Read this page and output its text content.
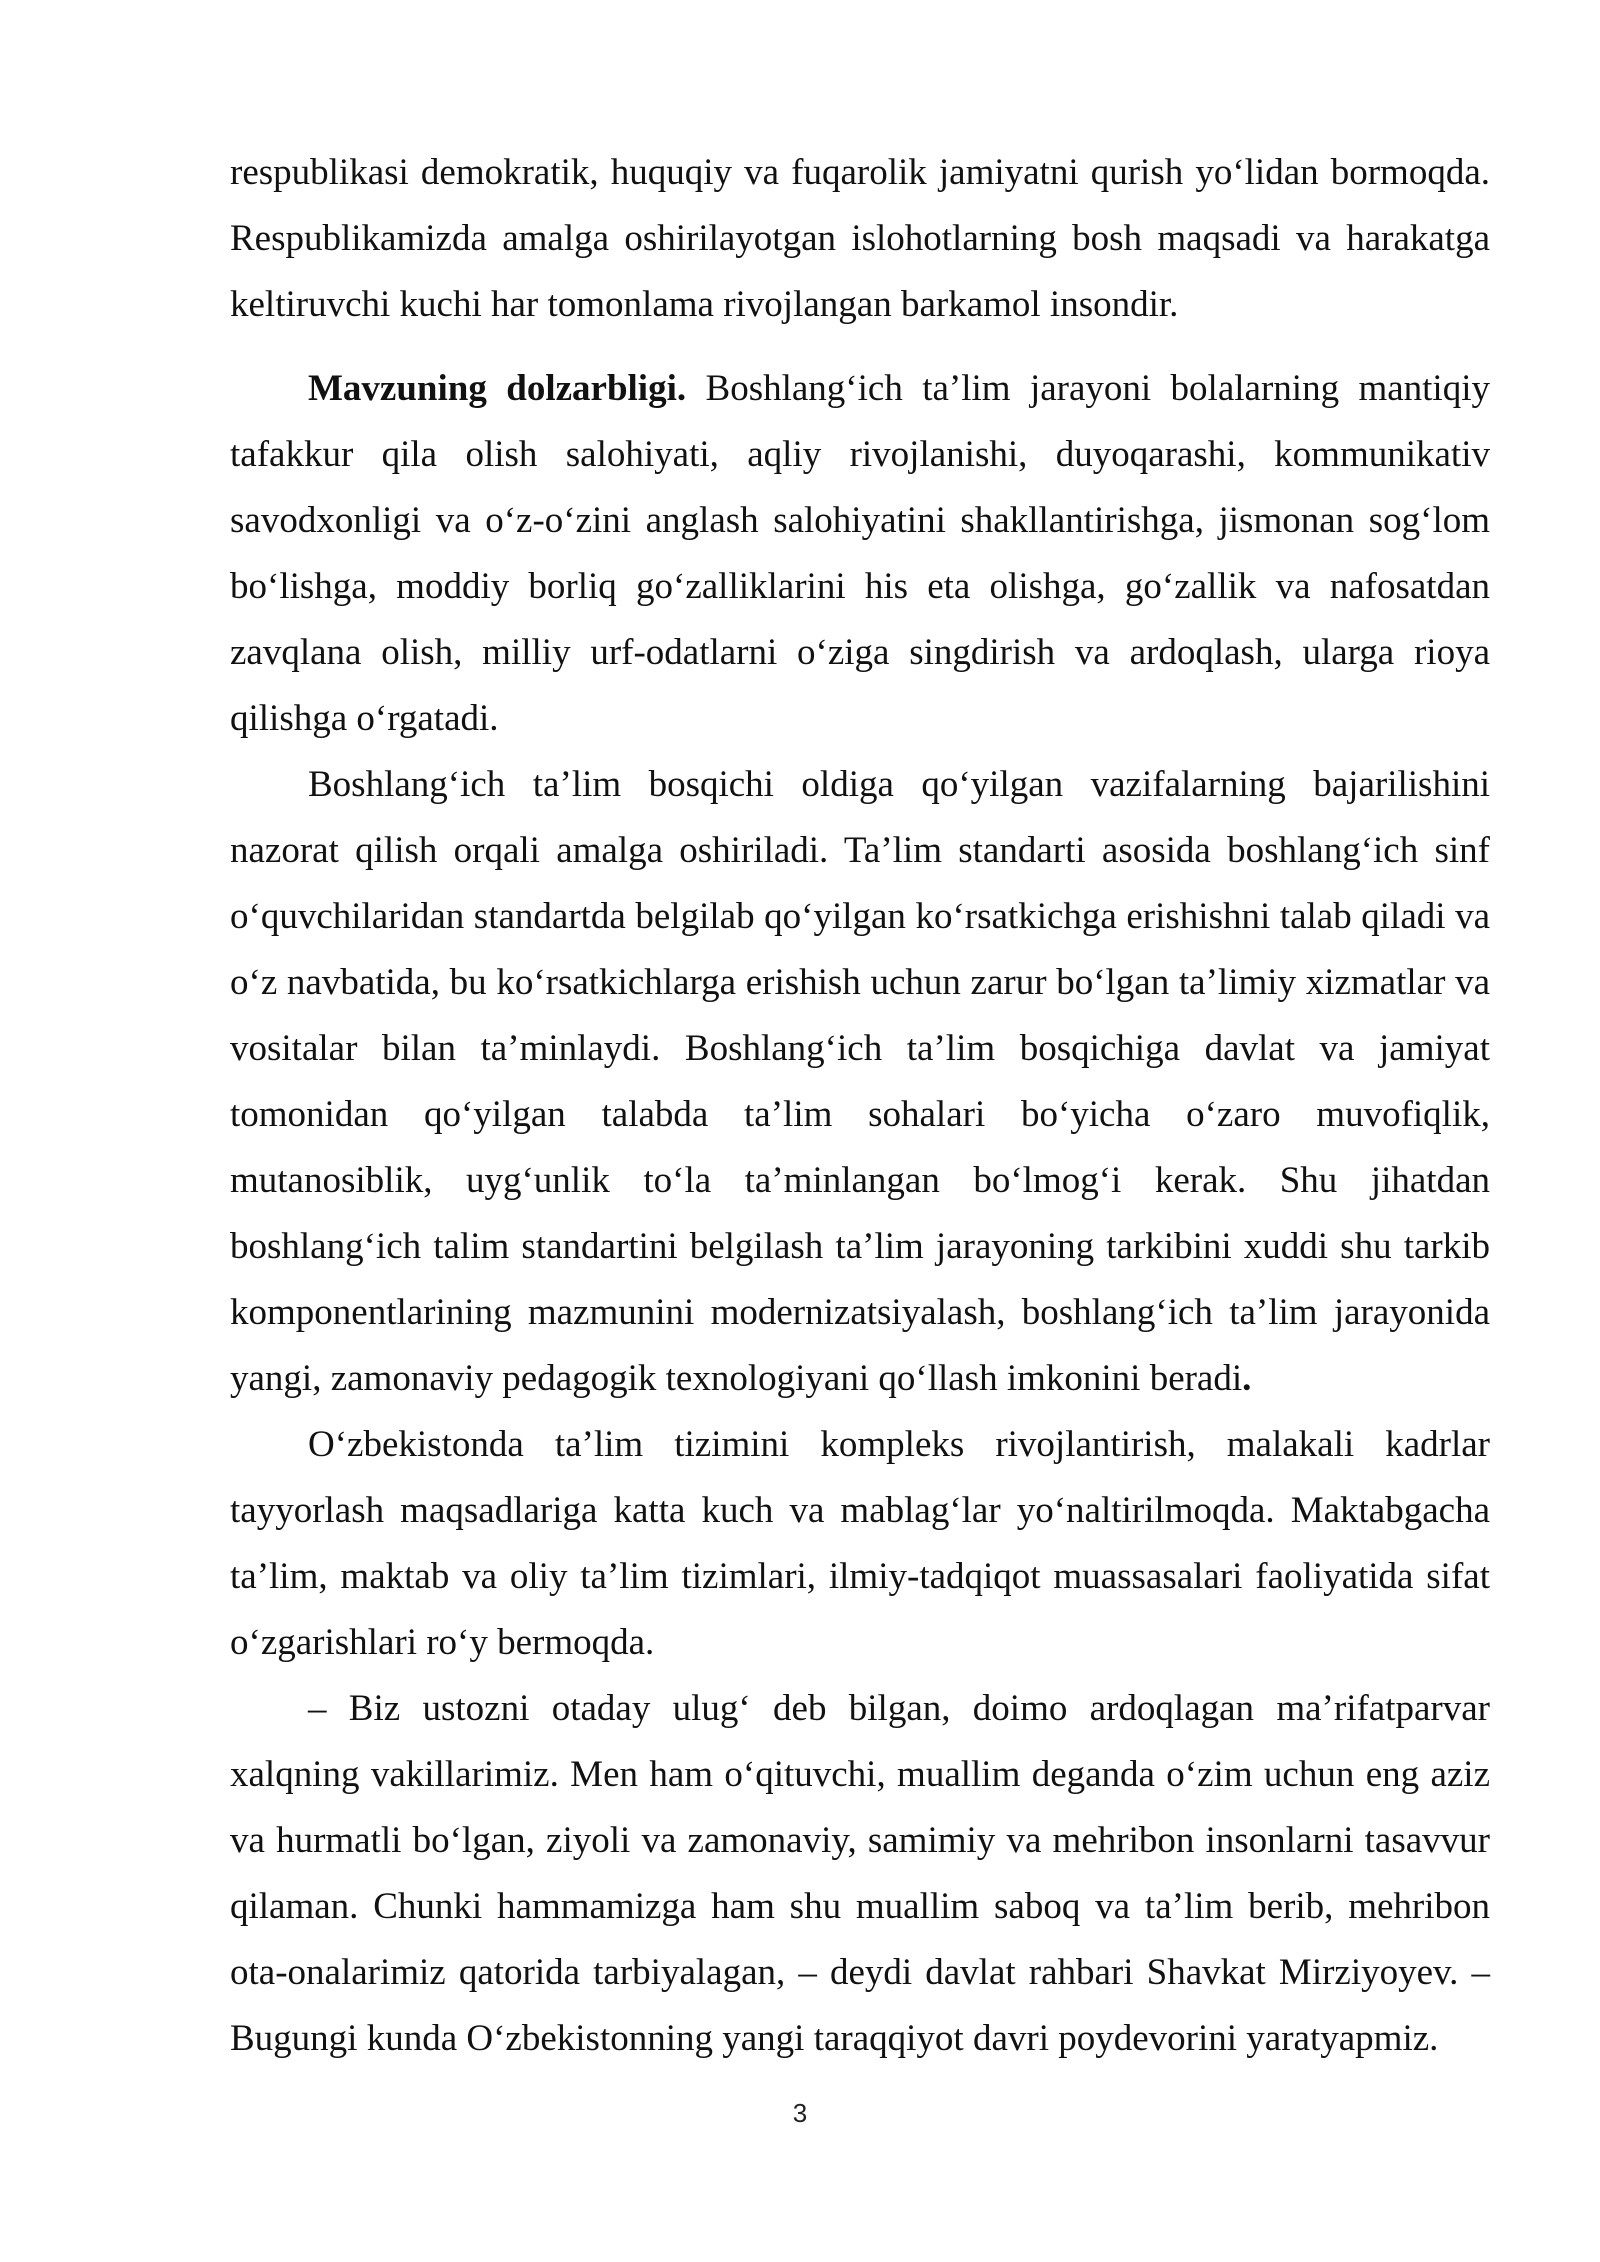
respublikasi demokratik, huquqiy va fuqarolik jamiyatni qurish yo‘lidan bormoqda. Respublikamizda amalga oshirilayotgan islohotlarning bosh maqsadi va harakatga keltiruvchi kuchi har tomonlama rivojlangan barkamol insondir.

Mavzuning dolzarbligi. Boshlang‘ich ta’lim jarayoni bolalarning mantiqiy tafakkur qila olish salohiyati, aqliy rivojlanishi, duyoqarashi, kommunikativ savodxonligi va o‘z-o‘zini anglash salohiyatini shakllantirishga, jismonan sog‘lom bo‘lishga, moddiy borliq go‘zalliklarini his eta olishga, go‘zallik va nafosatdan zavqlana olish, milliy urf-odatlarni o‘ziga singdirish va ardoqlash, ularga rioya qilishga o‘rgatadi.

Boshlang‘ich ta’lim bosqichi oldiga qo‘yilgan vazifalarning bajarilishini nazorat qilish orqali amalga oshiriladi. Ta’lim standarti asosida boshlang‘ich sinf o‘quvchilaridan standartda belgilab qo‘yilgan ko‘rsatkichga erishishni talab qiladi va o‘z navbatida, bu ko‘rsatkichlarga erishish uchun zarur bo‘lgan ta’limiy xizmatlar va vositalar bilan ta’minlaydi. Boshlang‘ich ta’lim bosqichiga davlat va jamiyat tomonidan qo‘yilgan talabda ta’lim sohalari bo‘yicha o‘zaro muvofiqlik, mutanosiblik, uyg‘unlik to‘la ta’minlangan bo‘lmog‘i kerak. Shu jihatdan boshlang‘ich talim standartini belgilash ta’lim jarayoning tarkibini xuddi shu tarkib komponentlarining mazmunini modernizatsiyalash, boshlang‘ich ta’lim jarayonida yangi, zamonaviy pedagogik texnologiyani qo‘llash imkonini beradi.

O‘zbekistonda ta’lim tizimini kompleks rivojlantirish, malakali kadrlar tayyorlash maqsadlariga katta kuch va mablag‘lar yo‘naltirilmoqda. Maktabgacha ta’lim, maktab va oliy ta’lim tizimlari, ilmiy-tadqiqot muassasalari faoliyatida sifat o‘zgarishlari ro‘y bermoqda.

– Biz ustozni otaday ulug‘ deb bilgan, doimo ardoqlagan ma’rifatparvar xalqning vakillarimiz. Men ham o‘qituvchi, muallim deganda o‘zim uchun eng aziz va hurmatli bo‘lgan, ziyoli va zamonaviy, samimiy va mehribon insonlarni tasavvur qilaman. Chunki hammamizga ham shu muallim saboq va ta’lim berib, mehribon ota-onalarimiz qatorida tarbiyalagan, – deydi davlat rahbari Shavkat Mirziyoyev. – Bugungi kunda O‘zbekistonning yangi taraqqiyot davri poydevorini yaratyapmiz.

3
